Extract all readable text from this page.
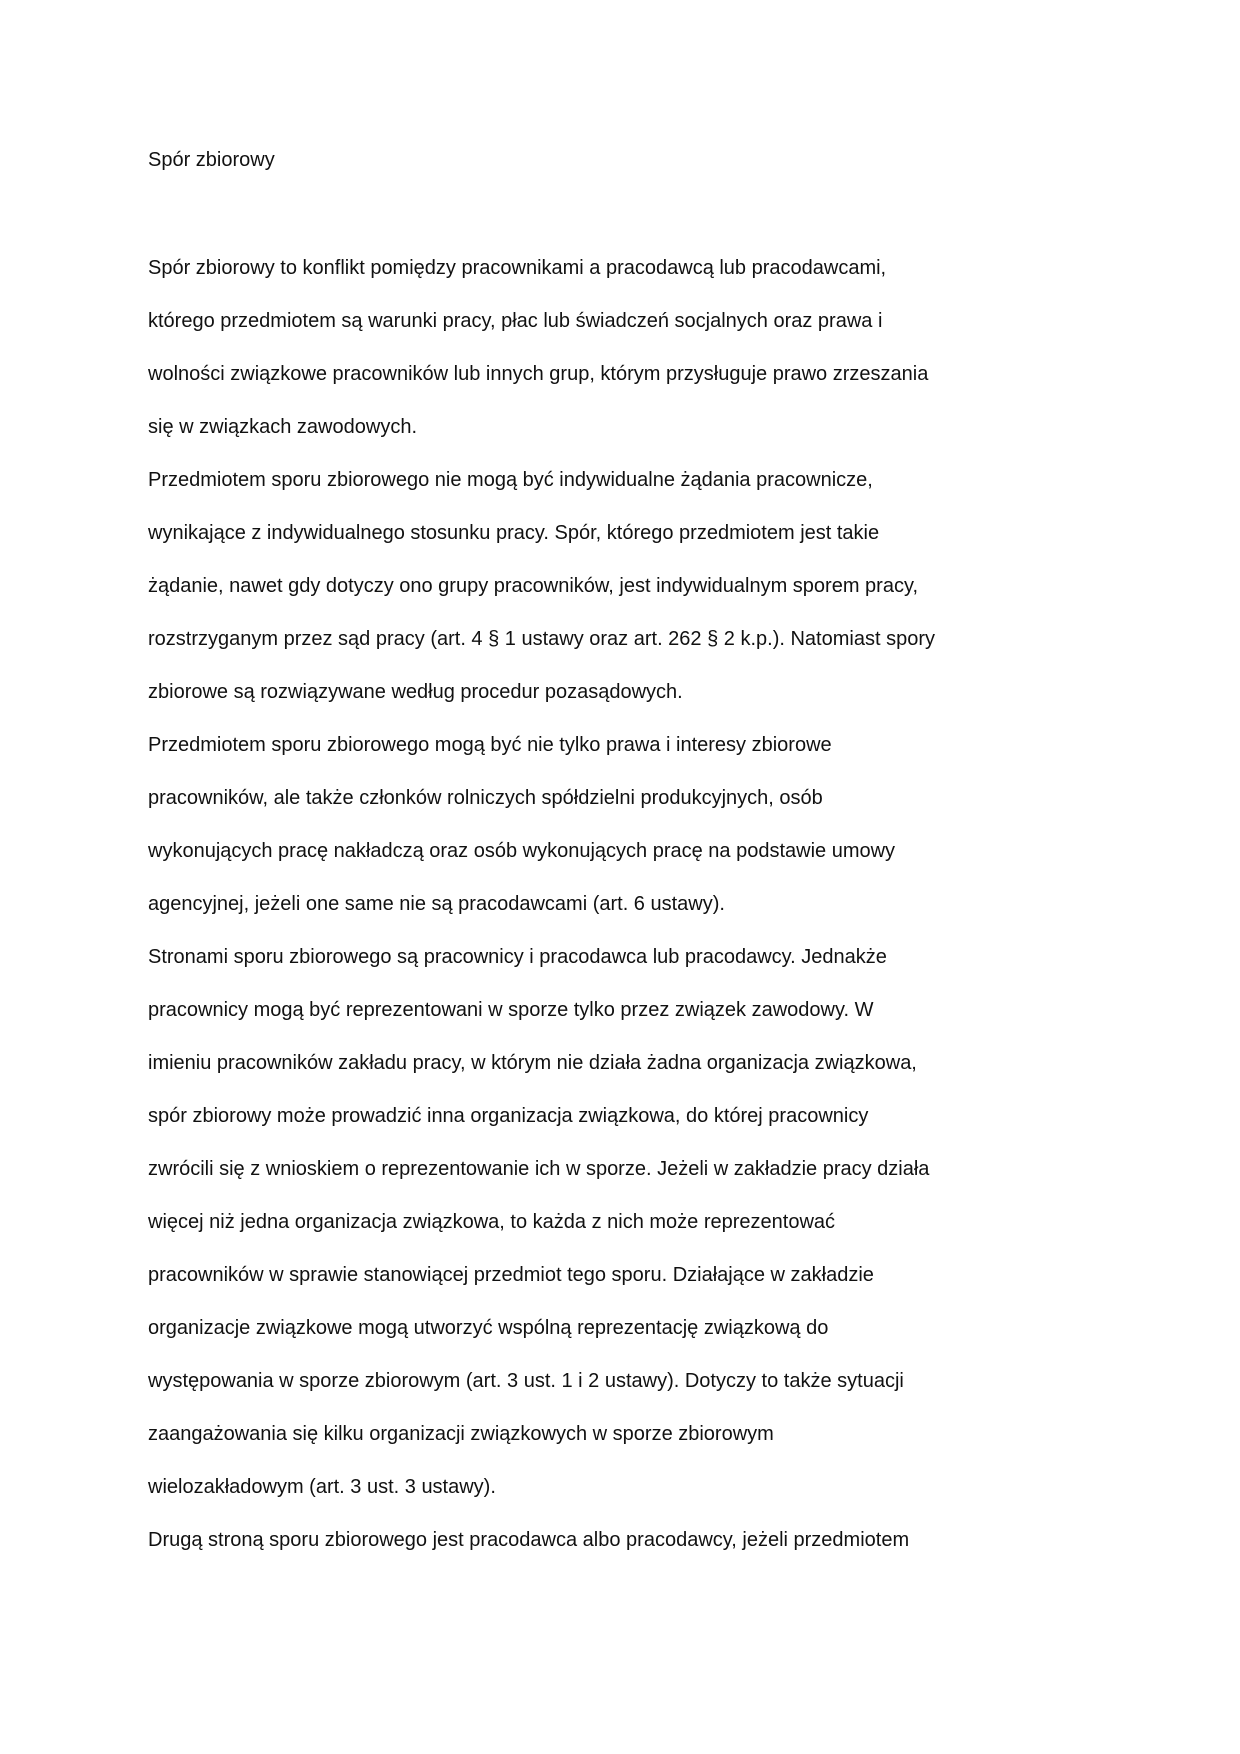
Spór zbiorowy
Spór zbiorowy to konflikt pomiędzy pracownikami a pracodawcą lub pracodawcami,
którego przedmiotem są warunki pracy, płac lub świadczeń socjalnych oraz prawa i
wolności związkowe pracowników lub innych grup, którym przysługuje prawo zrzeszania
się w związkach zawodowych.
Przedmiotem sporu zbiorowego nie mogą być indywidualne żądania pracownicze,
wynikające z indywidualnego stosunku pracy. Spór, którego przedmiotem jest takie
żądanie, nawet gdy dotyczy ono grupy pracowników, jest indywidualnym sporem pracy,
rozstrzyganym przez sąd pracy (art. 4 § 1 ustawy oraz art. 262 § 2 k.p.). Natomiast spory
zbiorowe są rozwiązywane według procedur pozasądowych.
Przedmiotem sporu zbiorowego mogą być nie tylko prawa i interesy zbiorowe
pracowników, ale także członków rolniczych spółdzielni produkcyjnych, osób
wykonujących pracę nakładczą oraz osób wykonujących pracę na podstawie umowy
agencyjnej, jeżeli one same nie są pracodawcami (art. 6 ustawy).
Stronami sporu zbiorowego są pracownicy i pracodawca lub pracodawcy. Jednakże
pracownicy mogą być reprezentowani w sporze tylko przez związek zawodowy. W
imieniu pracowników zakładu pracy, w którym nie działa żadna organizacja związkowa,
spór zbiorowy może prowadzić inna organizacja związkowa, do której pracownicy
zwrócili się z wnioskiem o reprezentowanie ich w sporze. Jeżeli w zakładzie pracy działa
więcej niż jedna organizacja związkowa, to każda z nich może reprezentować
pracowników w sprawie stanowiącej przedmiot tego sporu. Działające w zakładzie
organizacje związkowe mogą utworzyć wspólną reprezentację związkową do
występowania w sporze zbiorowym (art. 3 ust. 1 i 2 ustawy). Dotyczy to także sytuacji
zaangażowania się kilku organizacji związkowych w sporze zbiorowym
wielozakładowym (art. 3 ust. 3 ustawy).
Drugą stroną sporu zbiorowego jest pracodawca albo pracodawcy, jeżeli przedmiotem
